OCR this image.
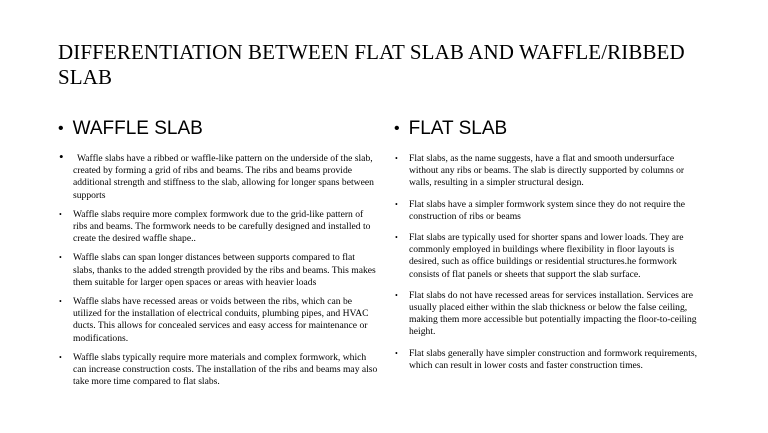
DIFFERENTIATION BETWEEN FLAT SLAB AND WAFFLE/RIBBED SLAB
• WAFFLE SLAB
• Waffle slabs have a ribbed or waffle-like pattern on the underside of the slab, created by forming a grid of ribs and beams. The ribs and beams provide additional strength and stiffness to the slab, allowing for longer spans between supports
• Waffle slabs require more complex formwork due to the grid-like pattern of ribs and beams. The formwork needs to be carefully designed and installed to create the desired waffle shape..
• Waffle slabs can span longer distances between supports compared to flat slabs, thanks to the added strength provided by the ribs and beams. This makes them suitable for larger open spaces or areas with heavier loads
• Waffle slabs have recessed areas or voids between the ribs, which can be utilized for the installation of electrical conduits, plumbing pipes, and HVAC ducts. This allows for concealed services and easy access for maintenance or modifications.
• Waffle slabs typically require more materials and complex formwork, which can increase construction costs. The installation of the ribs and beams may also take more time compared to flat slabs.
• FLAT SLAB
• Flat slabs, as the name suggests, have a flat and smooth undersurface without any ribs or beams. The slab is directly supported by columns or walls, resulting in a simpler structural design.
• Flat slabs have a simpler formwork system since they do not require the construction of ribs or beams
• Flat slabs are typically used for shorter spans and lower loads. They are commonly employed in buildings where flexibility in floor layouts is desired, such as office buildings or residential structures.he formwork consists of flat panels or sheets that support the slab surface.
• Flat slabs do not have recessed areas for services installation. Services are usually placed either within the slab thickness or below the false ceiling, making them more accessible but potentially impacting the floor-to-ceiling height.
• Flat slabs generally have simpler construction and formwork requirements, which can result in lower costs and faster construction times.
